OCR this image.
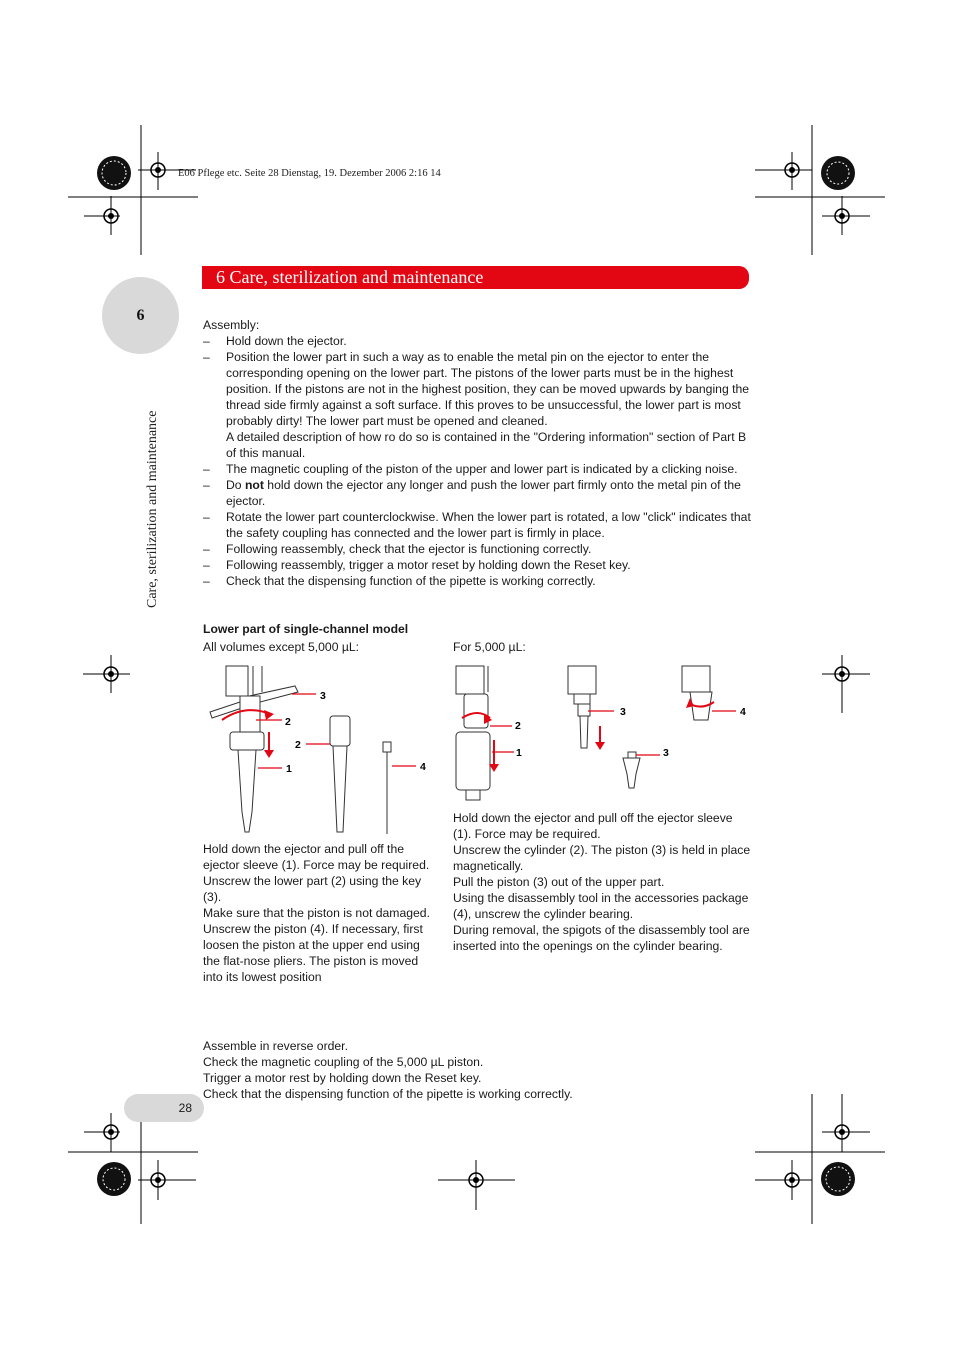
E06 Pflege etc. Seite 28 Dienstag, 19. Dezember 2006 2:16 14
6
6 Care, sterilization and maintenance
Care, sterilization and maintenance
Assembly:
– Hold down the ejector.
– Position the lower part in such a way as to enable the metal pin on the ejector to enter the corresponding opening on the lower part. The pistons of the lower parts must be in the highest position. If the pistons are not in the highest position, they can be moved upwards by banging the thread side firmly against a soft surface. If this proves to be unsuccessful, the lower part is most probably dirty! The lower part must be opened and cleaned.
A detailed description of how ro do so is contained in the "Ordering information" section of Part B of this manual.
– The magnetic coupling of the piston of the upper and lower part is indicated by a clicking noise.
– Do not hold down the ejector any longer and push the lower part firmly onto the metal pin of the ejector.
– Rotate the lower part counterclockwise. When the lower part is rotated, a low "click" indicates that the safety coupling has connected and the lower part is firmly in place.
– Following reassembly, check that the ejector is functioning correctly.
– Following reassembly, trigger a motor reset by holding down the Reset key.
– Check that the dispensing function of the pipette is working correctly.
Lower part of single-channel model
All volumes except 5,000 µL:	For 5,000 µL:
3
2
2
1	4
2
1
3
3
4
Hold down the ejector and pull off the ejector sleeve (1). Force may be required.
Unscrew the lower part (2) using the key (3).
Make sure that the piston is not damaged.
Unscrew the piston (4). If necessary, first loosen the piston at the upper end using the flat-nose pliers. The piston is moved into its lowest position
Hold down the ejector and pull off the ejector sleeve (1). Force may be required.
Unscrew the cylinder (2). The piston (3) is held in place magnetically.
Pull the piston (3) out of the upper part.
Using the disassembly tool in the accessories package (4), unscrew the cylinder bearing.
During removal, the spigots of the disassembly tool are inserted into the openings on the cylinder bearing.
Assemble in reverse order.
Check the magnetic coupling of the 5,000 µL piston.
Trigger a motor rest by holding down the Reset key.
Check that the dispensing function of the pipette is working correctly.
28
